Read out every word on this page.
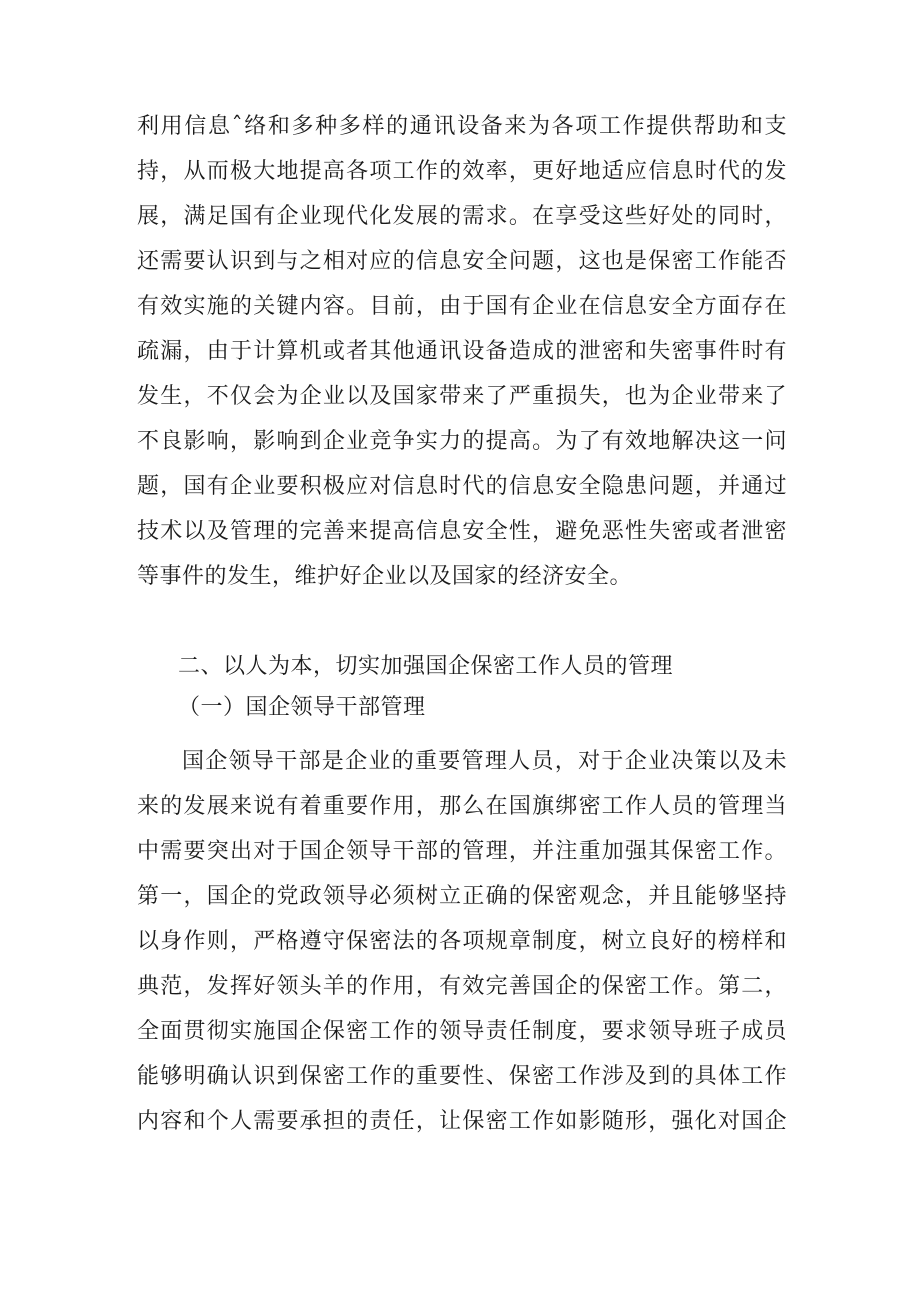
利用信息ˆ络和多种多样的通讯设备来为各项工作提供帮助和支
持，从而极大地提高各项工作的效率，更好地适应信息时代的发
展，满足国有企业现代化发展的需求。在享受这些好处的同时，
还需要认识到与之相对应的信息安全问题，这也是保密工作能否
有效实施的关键内容。目前，由于国有企业在信息安全方面存在
疏漏，由于计算机或者其他通讯设备造成的泄密和失密事件时有
发生，不仅会为企业以及国家带来了严重损失，也为企业带来了
不良影响，影响到企业竞争实力的提高。为了有效地解决这一问
题，国有企业要积极应对信息时代的信息安全隐患问题，并通过
技术以及管理的完善来提高信息安全性，避免恶性失密或者泄密
等事件的发生，维护好企业以及国家的经济安全。
二、以人为本，切实加强国企保密工作人员的管理
（一）国企领导干部管理
国企领导干部是企业的重要管理人员，对于企业决策以及未
来的发展来说有着重要作用，那么在国旗绑密工作人员的管理当
中需要突出对于国企领导干部的管理，并注重加强其保密工作。
第一，国企的党政领导必须树立正确的保密观念，并且能够坚持
以身作则，严格遵守保密法的各项规章制度，树立良好的榜样和
典范，发挥好领头羊的作用，有效完善国企的保密工作。第二，
全面贯彻实施国企保密工作的领导责任制度，要求领导班子成员
能够明确认识到保密工作的重要性、保密工作涉及到的具体工作
内容和个人需要承担的责任，让保密工作如影随形，强化对国企
